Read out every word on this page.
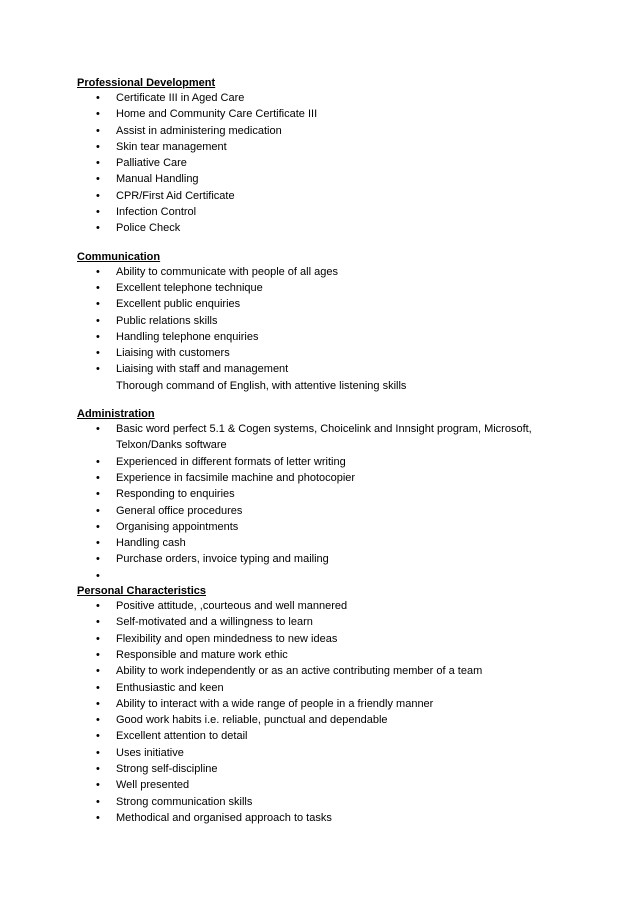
Professional Development
• Certificate III in Aged Care
• Home and Community Care Certificate III
• Assist in administering medication
• Skin tear management
• Palliative Care
• Manual Handling
• CPR/First Aid Certificate
• Infection Control
• Police Check
Communication
• Ability to communicate with people of all ages
• Excellent telephone technique
• Excellent public enquiries
• Public relations skills
• Handling telephone enquiries
• Liaising with customers
• Liaising with staff and management
Thorough command of English, with attentive listening skills
Administration
• Basic word perfect 5.1 & Cogen systems, Choicelink and Innsight program, Microsoft, Telxon/Danks software
• Experienced in different formats of letter writing
• Experience in facsimile machine and photocopier
• Responding to enquiries
• General office procedures
• Organising appointments
• Handling cash
• Purchase orders, invoice typing and mailing
•
Personal Characteristics
• Positive attitude, ,courteous and well mannered
• Self-motivated and a willingness to learn
• Flexibility and open mindedness to new ideas
• Responsible and mature work ethic
• Ability to work independently or as an active contributing member of a team
• Enthusiastic and keen
• Ability to interact with a wide range of people in a friendly manner
• Good work habits i.e. reliable, punctual and dependable
• Excellent attention to detail
• Uses initiative
• Strong self-discipline
• Well presented
• Strong communication skills
• Methodical and organised approach to tasks
